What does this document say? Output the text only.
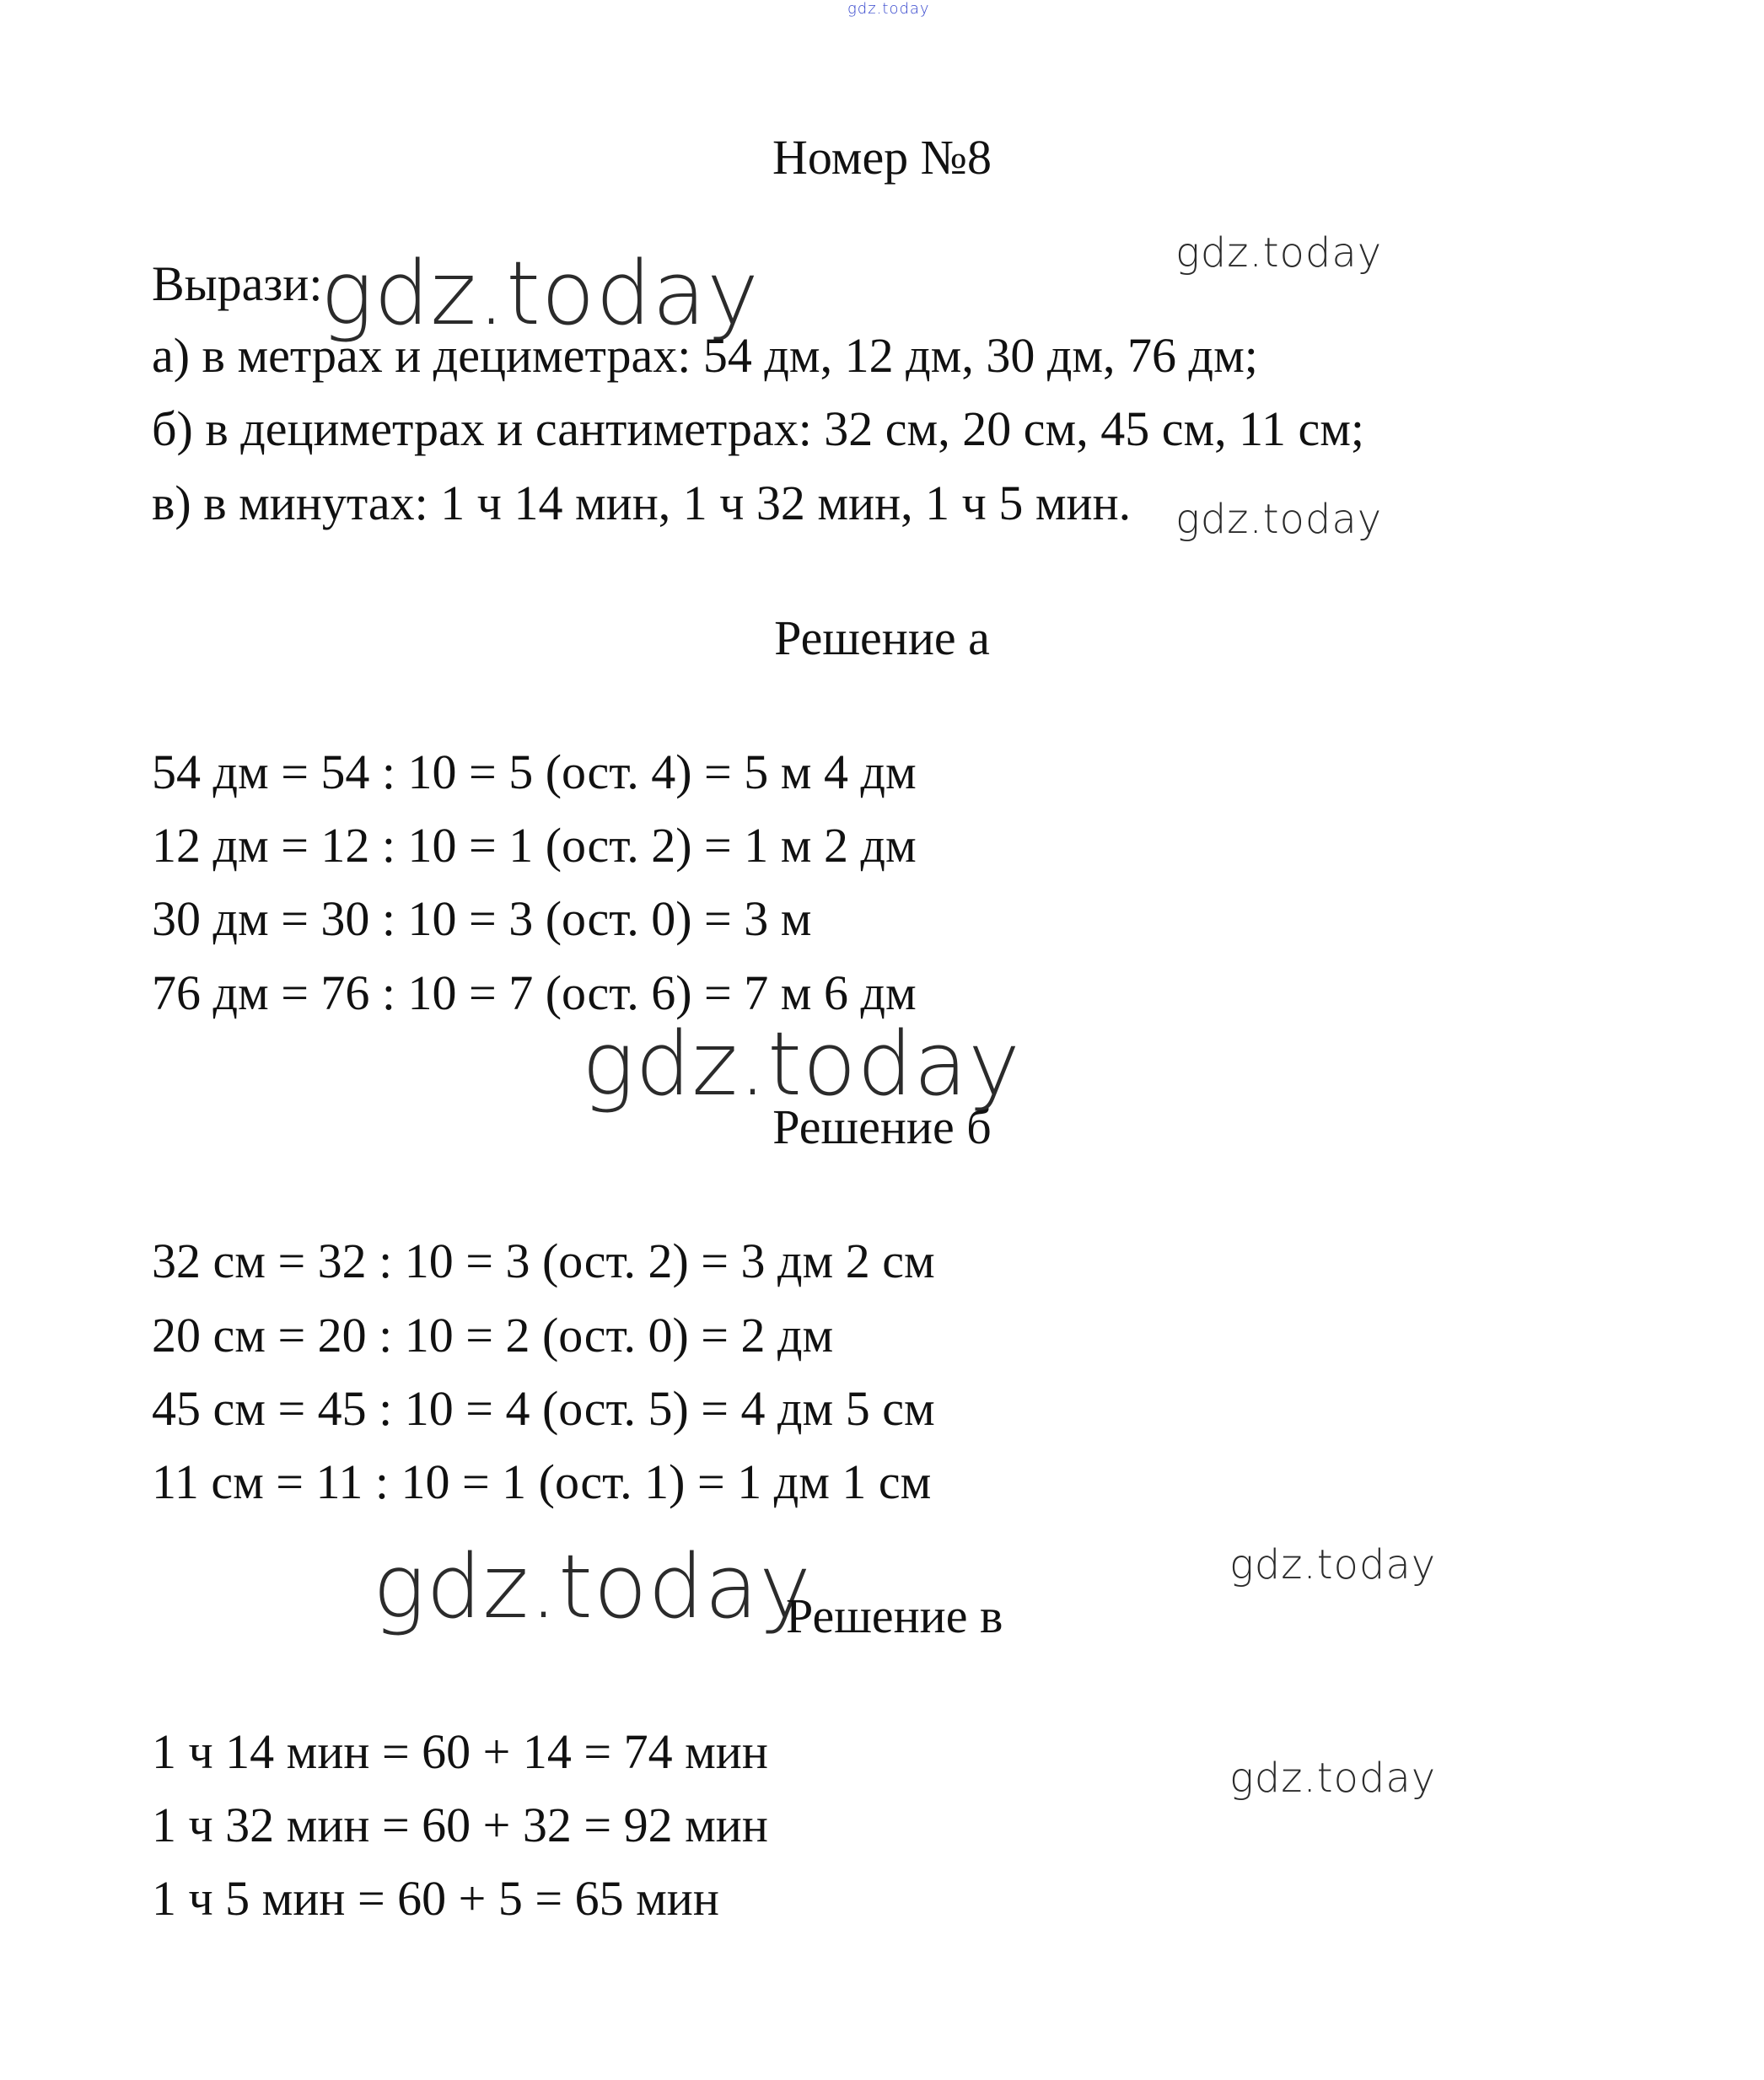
gdz.today
Номер №8
Вырази:
gdz.today	gdz.today
а) в метрах и дециметрах: 54 дм, 12 дм, 30 дм, 76 дм;
б) в дециметрах и сантиметрах: 32 см, 20 см, 45 см, 11 см;
в) в минутах: 1 ч 14 мин, 1 ч 32 мин, 1 ч 5 мин. gdz.today
Решение а
54 дм = 54 : 10 = 5 (ост. 4) = 5 м 4 дм
12 дм = 12 : 10 = 1 (ост. 2) = 1 м 2 дм
30 дм = 30 : 10 = 3 (ост. 0) = 3 м
76 дм = 76 : 10 = 7 (ост. 6) = 7 м 6 дм
gdz.today
Решение б
32 см = 32 : 10 = 3 (ост. 2) = 3 дм 2 см
20 см = 20 : 10 = 2 (ост. 0) = 2 дм
45 см = 45 : 10 = 4 (ост. 5) = 4 дм 5 см
11 см = 11 : 10 = 1 (ост. 1) = 1 дм 1 см
gdz.today
gdz.today
Решение в
1 ч 14 мин = 60 + 14 = 74 мин	gdz.today
1 ч 32 мин = 60 + 32 = 92 мин
1 ч 5 мин = 60 + 5 = 65 мин
